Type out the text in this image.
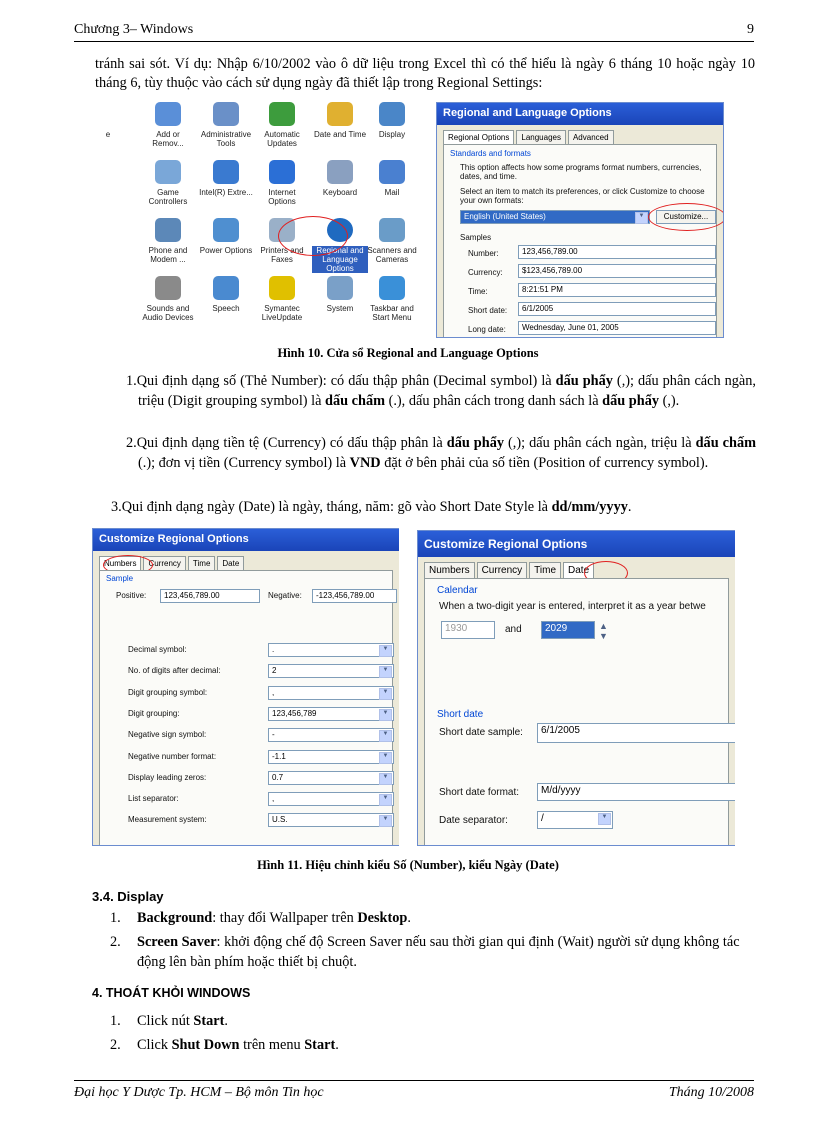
Chương 3– Windows	9
tránh sai sót. Ví dụ: Nhập 6/10/2002 vào ô dữ liệu trong Excel thì có thể hiểu là ngày 6 tháng 10 hoặc ngày 10 tháng 6, tùy thuộc vào cách sử dụng ngày đã thiết lập trong Regional Settings:
e	Add or Remov...
Administrative Tools
Automatic Updates
Date and Time	Display
Game Controllers
Intel(R) Extre...	Internet Options
Keyboard	Mail
Phone and Modem ...
Power Options	Printers and Faxes
Regional and Language Options
Scanners and Cameras
Sounds and Audio Devices
Speech	Symantec LiveUpdate
System	Taskbar and Start Menu
Regional and Language Options
Regional Options	Languages	Advanced
Standards and formats
This option affects how some programs format numbers, currencies, dates, and time.
Select an item to match its preferences, or click Customize to choose your own formats:
English (United States)	▼	Customize...
Samples
Number:	123,456,789.00
Currency:	$123,456,789.00
Time:	8:21:51 PM
Short date:	6/1/2005
Long date:	Wednesday, June 01, 2005
Hình 10. Cửa sổ Regional and Language Options
1.Qui định dạng số (Thẻ Number): có dấu thập phân (Decimal symbol) là dấu phẩy (,); dấu phân cách ngàn, triệu (Digit grouping symbol) là dấu chấm (.), dấu phân cách trong danh sách là dấu phẩy (,).
2.Qui định dạng tiền tệ (Currency) có dấu thập phân là dấu phẩy (,); dấu phân cách ngàn, triệu là dấu chấm (.); đơn vị tiền (Currency symbol) là VND đặt ở bên phải của số tiền (Position of currency symbol).
3.Qui định dạng ngày (Date) là ngày, tháng, năm: gõ vào Short Date Style là dd/mm/yyyy.
Customize Regional Options
Numbers	Currency	Time	Date
Sample
Positive:	123,456,789.00	Negative:	-123,456,789.00
Decimal symbol:	.	▼
No. of digits after decimal:	2	▼
Digit grouping symbol:	,	▼
Digit grouping:	123,456,789	▼
Negative sign symbol:	-	▼
Negative number format:	-1.1	▼
Display leading zeros:	0.7	▼
List separator:	,	▼
Measurement system:	U.S.	▼
Customize Regional Options
Numbers	Currency	Time	Date
Calendar
When a two-digit year is entered, interpret it as a year betwe
1930	and	2029	▲
▼
Short date
Short date sample:	6/1/2005
Short date format:	M/d/yyyy
Date separator:	/	▼
Hình 11. Hiệu chỉnh kiểu Số (Number), kiểu Ngày (Date)
3.4. Display
1. Background: thay đổi Wallpaper trên Desktop.
2. Screen Saver: khởi động chế độ Screen Saver nếu sau thời gian qui định (Wait) người sử dụng không tác động lên bàn phím hoặc thiết bị chuột.
4. THOÁT KHỎI WINDOWS
1. Click nút Start.
2. Click Shut Down trên menu Start.
Đại học Y Dược Tp. HCM – Bộ môn Tin học	Tháng 10/2008
